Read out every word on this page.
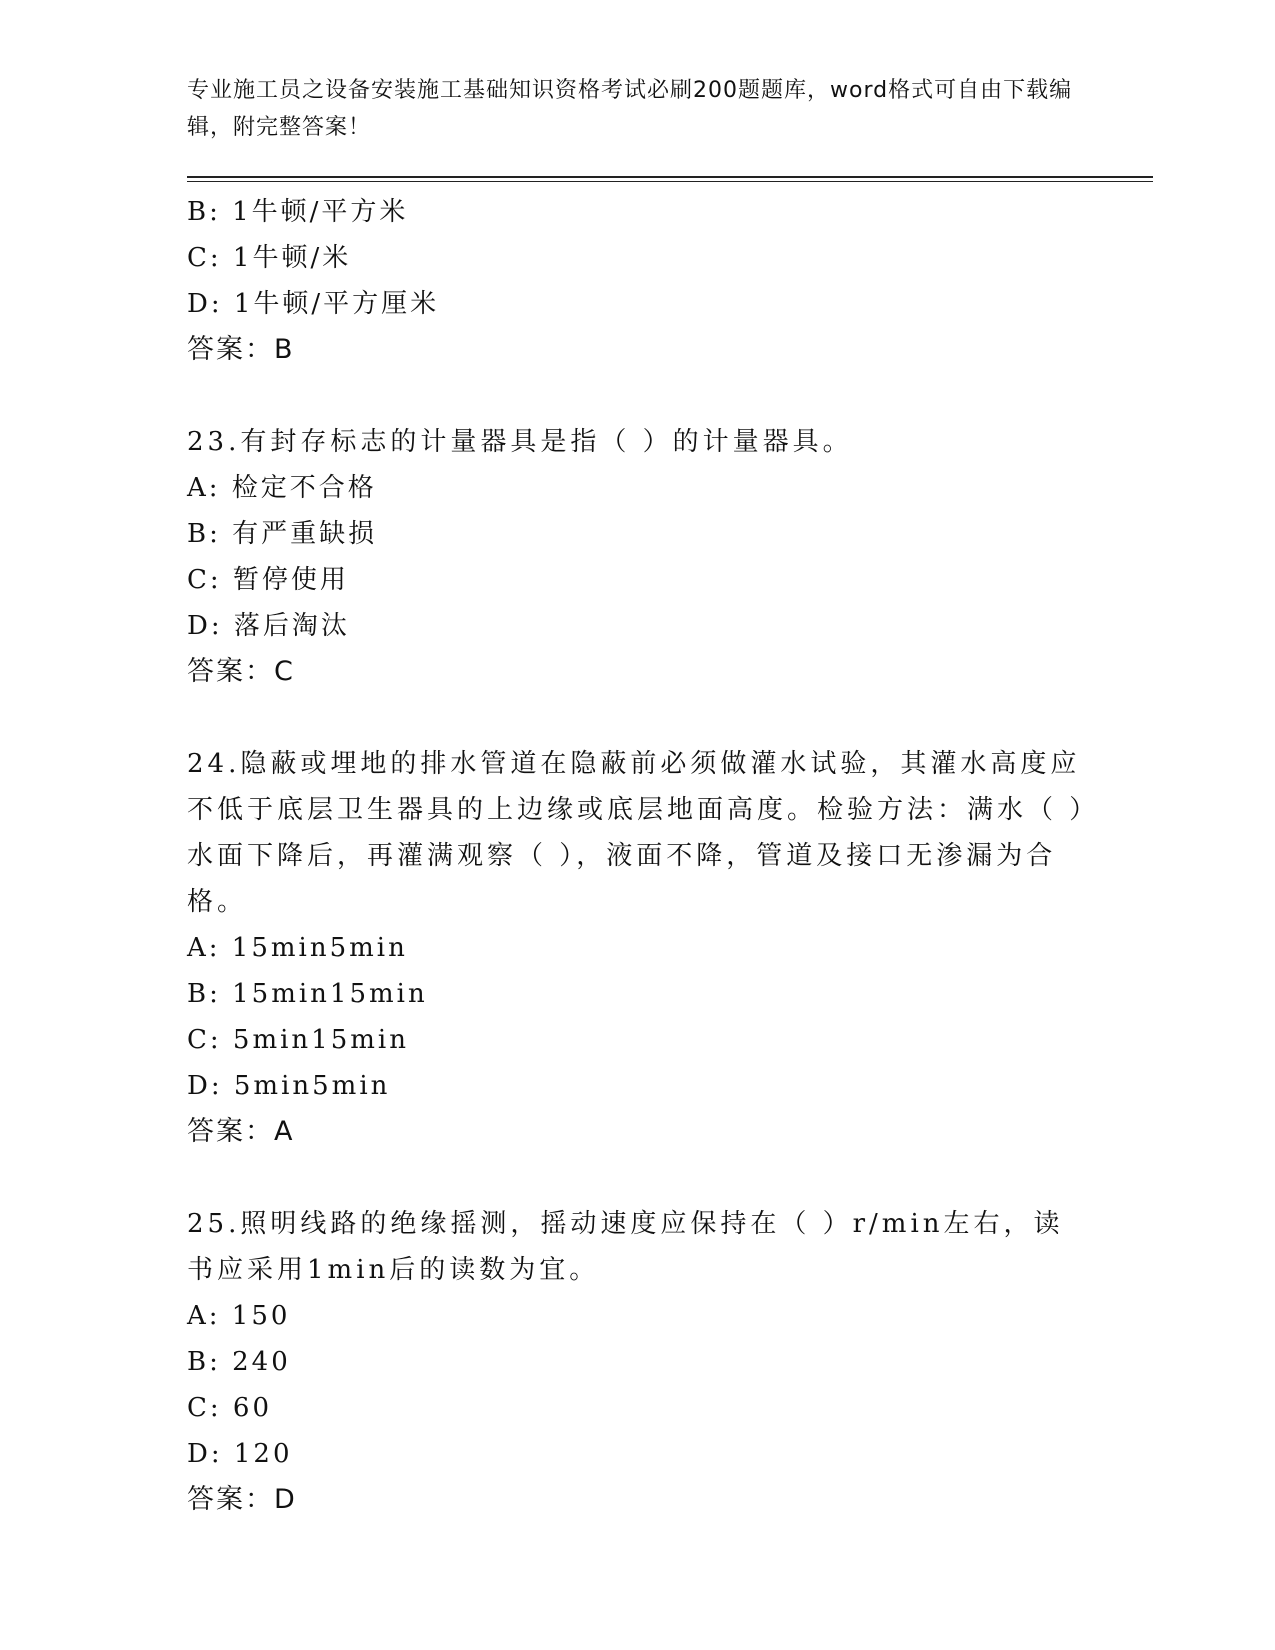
专业施工员之设备安装施工基础知识资格考试必刷200题题库，word格式可自由下载编辑，附完整答案！
B: 1牛顿/平方米
C: 1牛顿/米
D: 1牛顿/平方厘米
答案：B
23.有封存标志的计量器具是指（ ）的计量器具。
A: 检定不合格
B: 有严重缺损
C: 暂停使用
D: 落后淘汰
答案：C
24.隐蔽或埋地的排水管道在隐蔽前必须做灌水试验，其灌水高度应不低于底层卫生器具的上边缘或底层地面高度。检验方法：满水（ ）水面下降后，再灌满观察（ ），液面不降，管道及接口无渗漏为合格。
A: 15min5min
B: 15min15min
C: 5min15min
D: 5min5min
答案：A
25.照明线路的绝缘摇测，摇动速度应保持在（ ）r/min左右，读书应采用1min后的读数为宜。
A: 150
B: 240
C: 60
D: 120
答案：D
